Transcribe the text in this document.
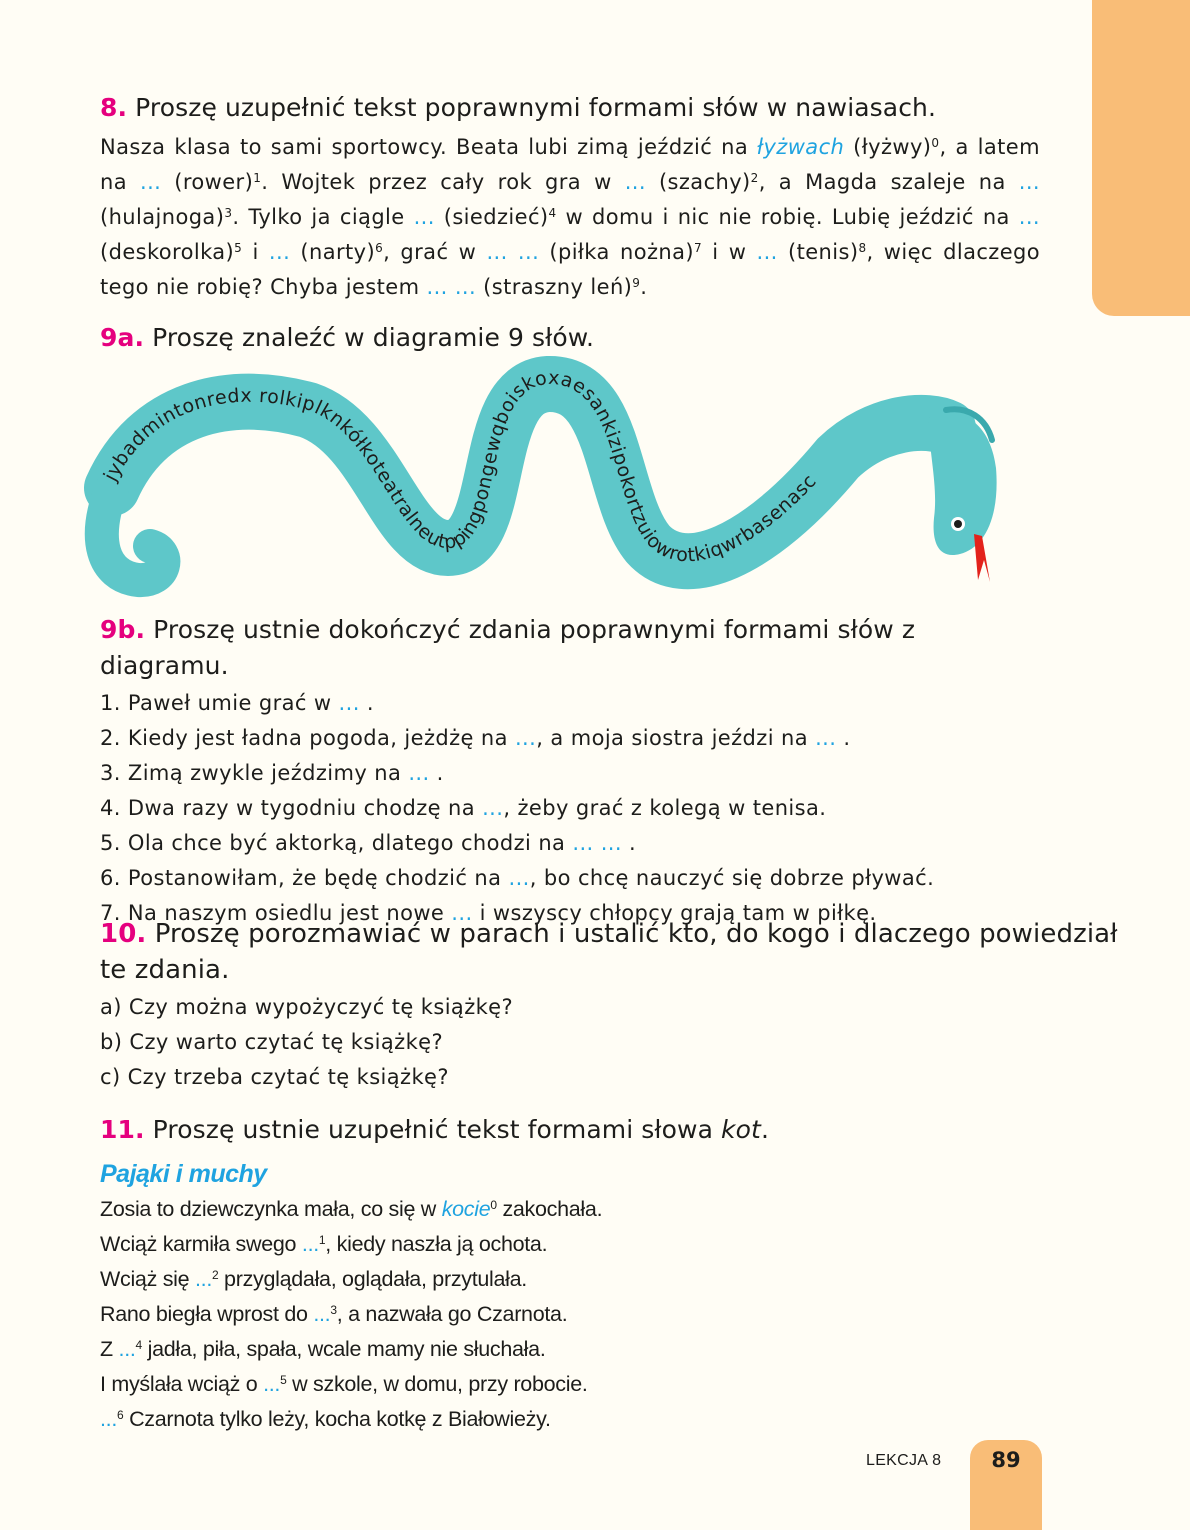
8. Proszę uzupełnić tekst poprawnymi formami słów w nawiasach.
Nasza klasa to sami sportowcy. Beata lubi zimą jeździć na łyżwach (łyżwy)$^0$, a latem
na ... (rower)$^1$. Wojtek przez cały rok gra w ... (szachy)$^2$, a Magda szaleje na ...
(hulajnoga)$^3$. Tylko ja ciągle ... (siedzieć)$^4$ w domu i nic nie robię. Lubię jeździć na ...
(deskorolka)$^5$ i ... (narty)$^6$, grać w ... ... (piłka nożna)$^7$ i w ... (tenis)$^8$, więc dlaczego
tego nie robię? Chyba jestem ... ... (straszny leń)$^9$.
9a. Proszę znaleźć w diagramie 9 słów.
jybadmintonredx rolkiplknkółkoteatralneutppingpongewqboiskoxaesankizipokortzuiowrotkiqwrbasenasc
9b. Proszę ustnie dokończyć zdania poprawnymi formami słów z diagramu.
1. Paweł umie grać w ... .
2. Kiedy jest ładna pogoda, jeżdżę na ..., a moja siostra jeździ na ... .
3. Zimą zwykle jeździmy na ... .
4. Dwa razy w tygodniu chodzę na ..., żeby grać z kolegą w tenisa.
5. Ola chce być aktorką, dlatego chodzi na ... ... .
6. Postanowiłam, że będę chodzić na ..., bo chcę nauczyć się dobrze pływać.
7. Na naszym osiedlu jest nowe ... i wszyscy chłopcy grają tam w piłkę.
10. Proszę porozmawiać w parach i ustalić kto, do kogo i dlaczego powiedział
te zdania.
a) Czy można wypożyczyć tę książkę?
b) Czy warto czytać tę książkę?
c) Czy trzeba czytać tę książkę?
11. Proszę ustnie uzupełnić tekst formami słowa kot.
Pająki i muchy
Zosia to dziewczynka mała, co się w kocie$^0$ zakochała.
Wciąż karmiła swego ...$^1$, kiedy naszła ją ochota.
Wciąż się ...$^2$ przyglądała, oglądała, przytulała.
Rano biegła wprost do ...$^3$, a nazwała go Czarnota.
Z ...$^4$ jadła, piła, spała, wcale mamy nie słuchała.
I myślała wciąż o ...$^5$ w szkole, w domu, przy robocie.
...$^6$ Czarnota tylko leży, kocha kotkę z Białowieży.
LEKCJA 8	89
